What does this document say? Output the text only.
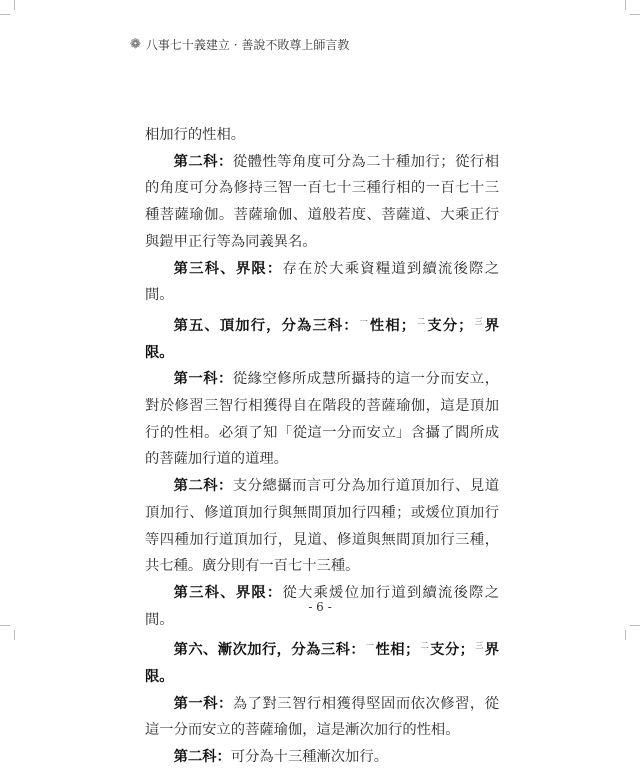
❁ 八事七十義建立 · 善說不敗尊上師言教

相加行的性相。

第二科：從體性等角度可分為二十種加行；從行相的角度可分為修持三智一百七十三種行相的一百七十三種菩薩瑜伽。菩薩瑜伽、道般若度、菩薩道、大乘正行與鎧甲正行等為同義異名。

第三科、界限：存在於大乘資糧道到續流後際之間。

第五、頂加行，分為三科：$^一$性相；$^二$支分；$^三$界限。

第一科：從緣空修所成慧所攝持的這一分而安立，對於修習三智行相獲得自在階段的菩薩瑜伽，這是頂加行的性相。必須了知「從這一分而安立」含攝了閻所成的菩薩加行道的道理。

第二科：支分總攝而言可分為加行道頂加行、見道頂加行、修道頂加行與無間頂加行四種；或煖位頂加行等四種加行道頂加行，見道、修道與無間頂加行三種，共七種。廣分則有一百七十三種。

第三科、界限：從大乘煖位加行道到續流後際之間。

第六、漸次加行，分為三科：$^一$性相；$^二$支分；$^三$界限。

第一科：為了對三智行相獲得堅固而依次修習，從這一分而安立的菩薩瑜伽，這是漸次加行的性相。

第二科：可分為十三種漸次加行。

- 6 -
